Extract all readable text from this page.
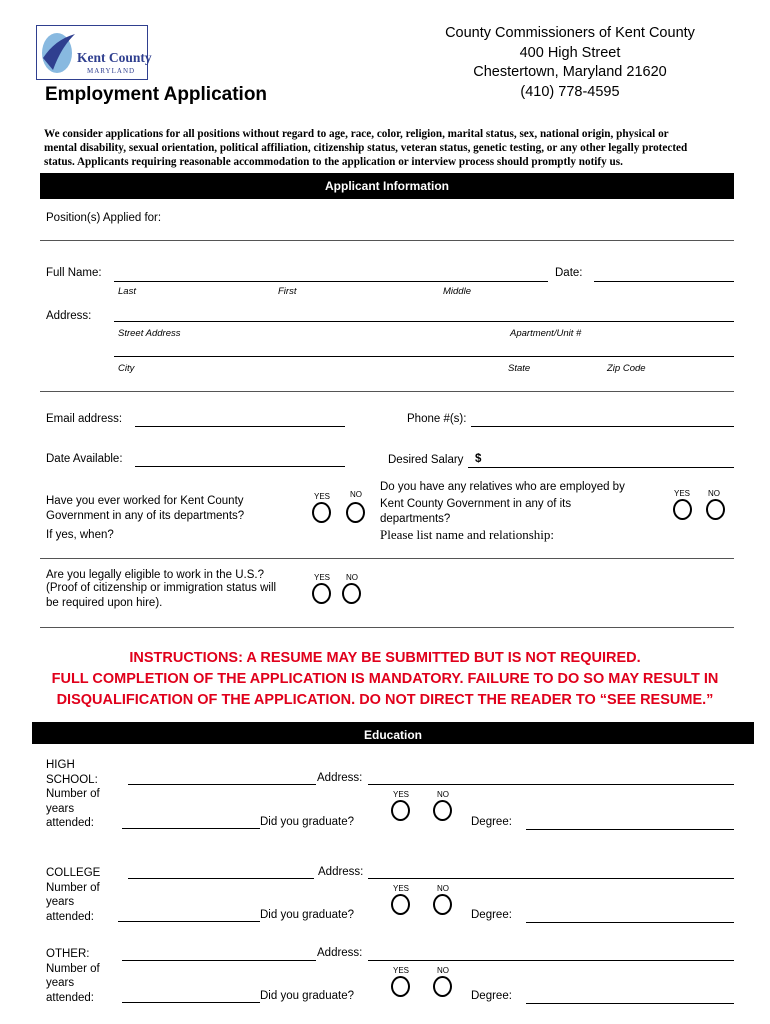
Kent County
MARYLAND
County Commissioners of Kent County
400 High Street
Chestertown, Maryland 21620
(410) 778-4595
Employment Application
We consider applications for all positions without regard to age, race, color, religion, marital status, sex, national origin, physical or
mental disability, sexual orientation, political affiliation, citizenship status, veteran status, genetic testing, or any other legally protected
status. Applicants requiring reasonable accommodation to the application or interview process should promptly notify us.
Applicant Information
Position(s) Applied for:
Full Name:	Date:
Last	First	Middle
Address:
Street Address	Apartment/Unit #
City	State	Zip Code
Email address:	Phone #(s):
Date Available:	Desired Salary $
Have you ever worked for Kent County
Government in any of its departments?
If yes, when?
YES NO
Do you have any relatives who are employed by
Kent County Government in any of its
departments?
Please list name and relationship:
YES NO
Are you legally eligible to work in the U.S.?
(Proof of citizenship or immigration status will
be required upon hire).
YES NO
INSTRUCTIONS: A RESUME MAY BE SUBMITTED BUT IS NOT REQUIRED.
FULL COMPLETION OF THE APPLICATION IS MANDATORY. FAILURE TO DO SO MAY RESULT IN
DISQUALIFICATION OF THE APPLICATION. DO NOT DIRECT THE READER TO “SEE RESUME.”
Education
HIGH
SCHOOL:
Number of
years
attended:
Address:
YES	NO
Did you graduate?	Degree:
COLLEGE
Number of
years
attended:
Address:
YES	NO
Did you graduate?	Degree:
OTHER:
Number of
years
attended:
Address:
YES	NO
Did you graduate?	Degree:
